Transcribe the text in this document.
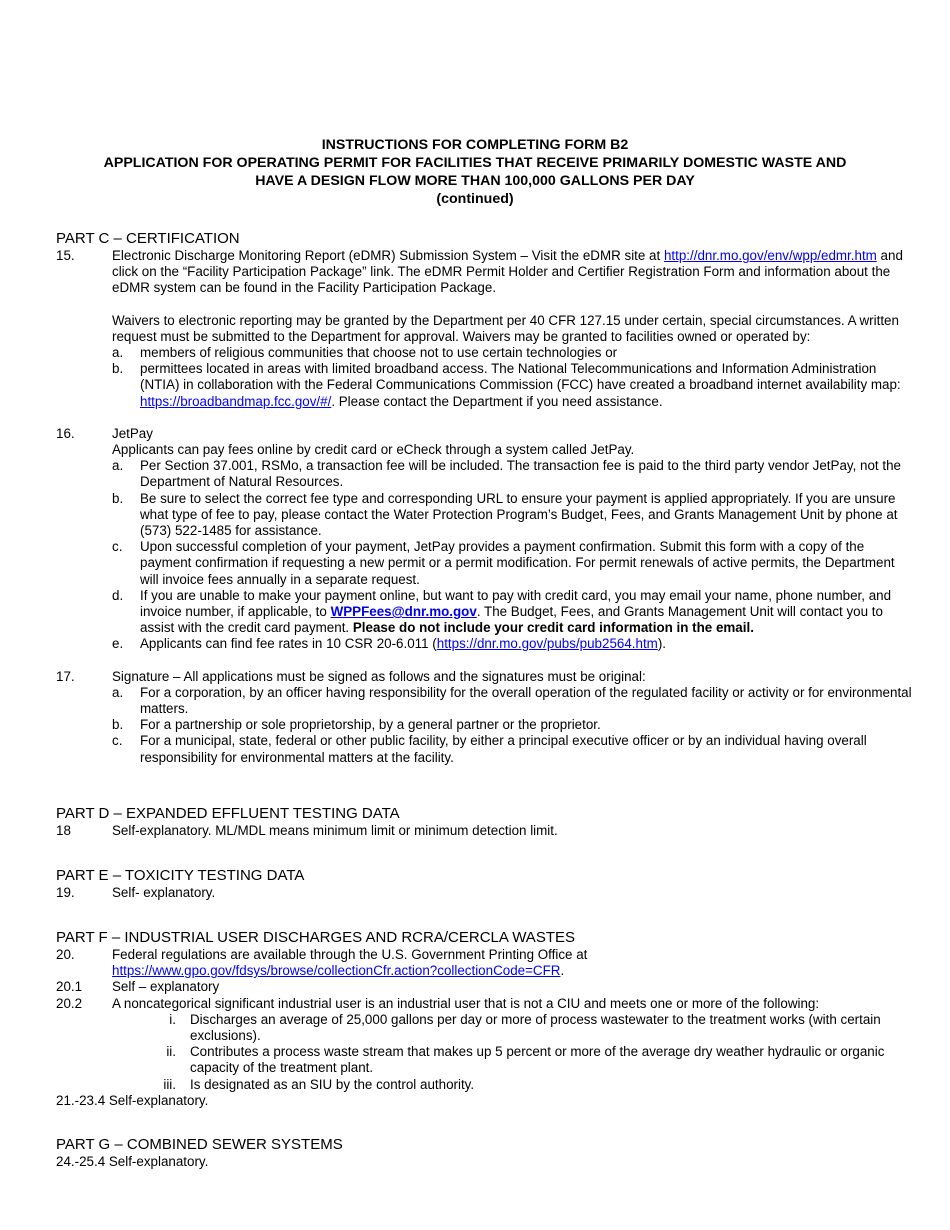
INSTRUCTIONS FOR COMPLETING FORM B2
APPLICATION FOR OPERATING PERMIT FOR FACILITIES THAT RECEIVE PRIMARILY DOMESTIC WASTE AND
HAVE A DESIGN FLOW MORE THAN 100,000 GALLONS PER DAY
(continued)
PART C – CERTIFICATION
15.	Electronic Discharge Monitoring Report (eDMR) Submission System – Visit the eDMR site at http://dnr.mo.gov/env/wpp/edmr.htm and click on the “Facility Participation Package” link. The eDMR Permit Holder and Certifier Registration Form and information about the eDMR system can be found in the Facility Participation Package.
Waivers to electronic reporting may be granted by the Department per 40 CFR 127.15 under certain, special circumstances. A written request must be submitted to the Department for approval. Waivers may be granted to facilities owned or operated by:
a.	members of religious communities that choose not to use certain technologies or
b.	permittees located in areas with limited broadband access. The National Telecommunications and Information Administration (NTIA) in collaboration with the Federal Communications Commission (FCC) have created a broadband internet availability map: https://broadbandmap.fcc.gov/#/. Please contact the Department if you need assistance.
16.	JetPay
Applicants can pay fees online by credit card or eCheck through a system called JetPay.
a.	Per Section 37.001, RSMo, a transaction fee will be included. The transaction fee is paid to the third party vendor JetPay, not the Department of Natural Resources.
b.	Be sure to select the correct fee type and corresponding URL to ensure your payment is applied appropriately. If you are unsure what type of fee to pay, please contact the Water Protection Program’s Budget, Fees, and Grants Management Unit by phone at (573) 522-1485 for assistance.
c.	Upon successful completion of your payment, JetPay provides a payment confirmation. Submit this form with a copy of the payment confirmation if requesting a new permit or a permit modification. For permit renewals of active permits, the Department will invoice fees annually in a separate request.
d.	If you are unable to make your payment online, but want to pay with credit card, you may email your name, phone number, and invoice number, if applicable, to WPPFees@dnr.mo.gov. The Budget, Fees, and Grants Management Unit will contact you to assist with the credit card payment. Please do not include your credit card information in the email.
e.	Applicants can find fee rates in 10 CSR 20-6.011 (https://dnr.mo.gov/pubs/pub2564.htm).
17.	Signature – All applications must be signed as follows and the signatures must be original:
a.	For a corporation, by an officer having responsibility for the overall operation of the regulated facility or activity or for environmental matters.
b.	For a partnership or sole proprietorship, by a general partner or the proprietor.
c.	For a municipal, state, federal or other public facility, by either a principal executive officer or by an individual having overall responsibility for environmental matters at the facility.
PART D – EXPANDED EFFLUENT TESTING DATA
18	Self-explanatory. ML/MDL means minimum limit or minimum detection limit.
PART E – TOXICITY TESTING DATA
19.	Self- explanatory.
PART F – INDUSTRIAL USER DISCHARGES AND RCRA/CERCLA WASTES
20.	Federal regulations are available through the U.S. Government Printing Office at https://www.gpo.gov/fdsys/browse/collectionCfr.action?collectionCode=CFR.
20.1	Self – explanatory
20.2	A noncategorical significant industrial user is an industrial user that is not a CIU and meets one or more of the following:
i.	Discharges an average of 25,000 gallons per day or more of process wastewater to the treatment works (with certain exclusions).
ii.	Contributes a process waste stream that makes up 5 percent or more of the average dry weather hydraulic or organic capacity of the treatment plant.
iii.	Is designated as an SIU by the control authority.
21.-23.4 Self-explanatory.
PART G – COMBINED SEWER SYSTEMS
24.-25.4 Self-explanatory.
